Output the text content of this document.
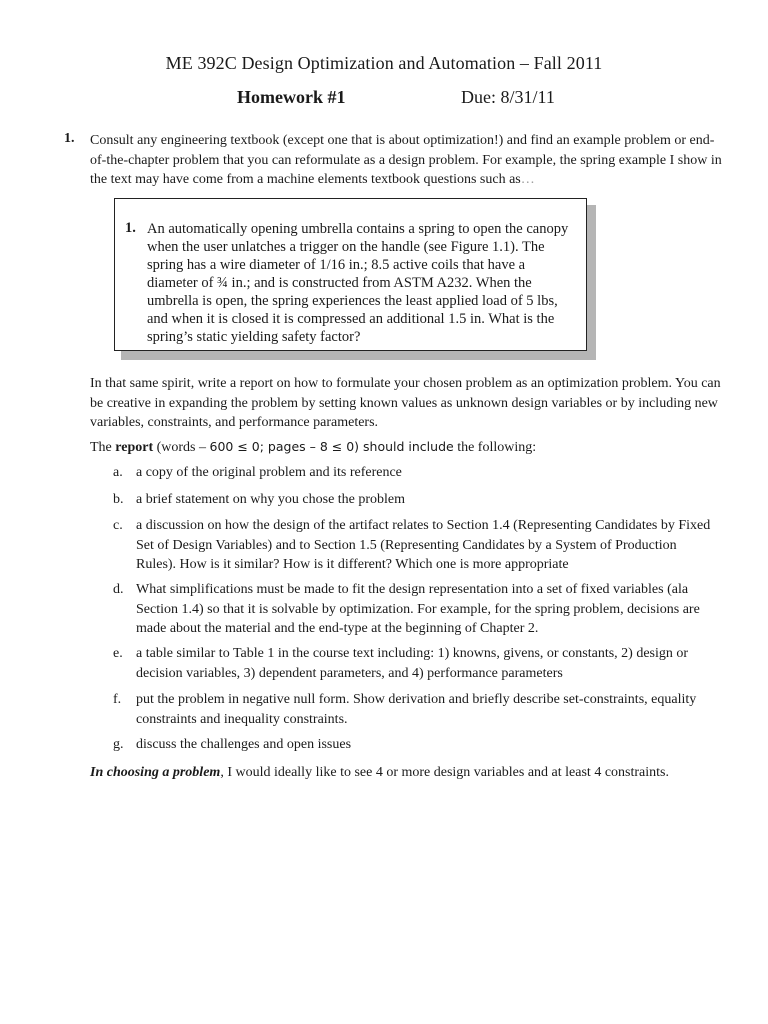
ME 392C Design Optimization and Automation – Fall 2011
Homework #1	Due: 8/31/11
1. Consult any engineering textbook (except one that is about optimization!) and find an example problem or end-of-the-chapter problem that you can reformulate as a design problem. For example, the spring example I show in the text may have come from a machine elements textbook questions such as…
1. An automatically opening umbrella contains a spring to open the canopy when the user unlatches a trigger on the handle (see Figure 1.1). The spring has a wire diameter of 1/16 in.; 8.5 active coils that have a diameter of ¾ in.; and is constructed from ASTM A232. When the umbrella is open, the spring experiences the least applied load of 5 lbs, and when it is closed it is compressed an additional 1.5 in. What is the spring’s static yielding safety factor?
In that same spirit, write a report on how to formulate your chosen problem as an optimization problem. You can be creative in expanding the problem by setting known values as unknown design variables or by including new variables, constraints, and performance parameters.
The report (words – 600 ≤ 0; pages – 8 ≤ 0) should include the following:
a. a copy of the original problem and its reference
b. a brief statement on why you chose the problem
c. a discussion on how the design of the artifact relates to Section 1.4 (Representing Candidates by Fixed Set of Design Variables) and to Section 1.5 (Representing Candidates by a System of Production Rules). How is it similar? How is it different? Which one is more appropriate
d. What simplifications must be made to fit the design representation into a set of fixed variables (ala Section 1.4) so that it is solvable by optimization. For example, for the spring problem, decisions are made about the material and the end-type at the beginning of Chapter 2.
e. a table similar to Table 1 in the course text including: 1) knowns, givens, or constants, 2) design or decision variables, 3) dependent parameters, and 4) performance parameters
f. put the problem in negative null form. Show derivation and briefly describe set-constraints, equality constraints and inequality constraints.
g. discuss the challenges and open issues
In choosing a problem, I would ideally like to see 4 or more design variables and at least 4 constraints.
